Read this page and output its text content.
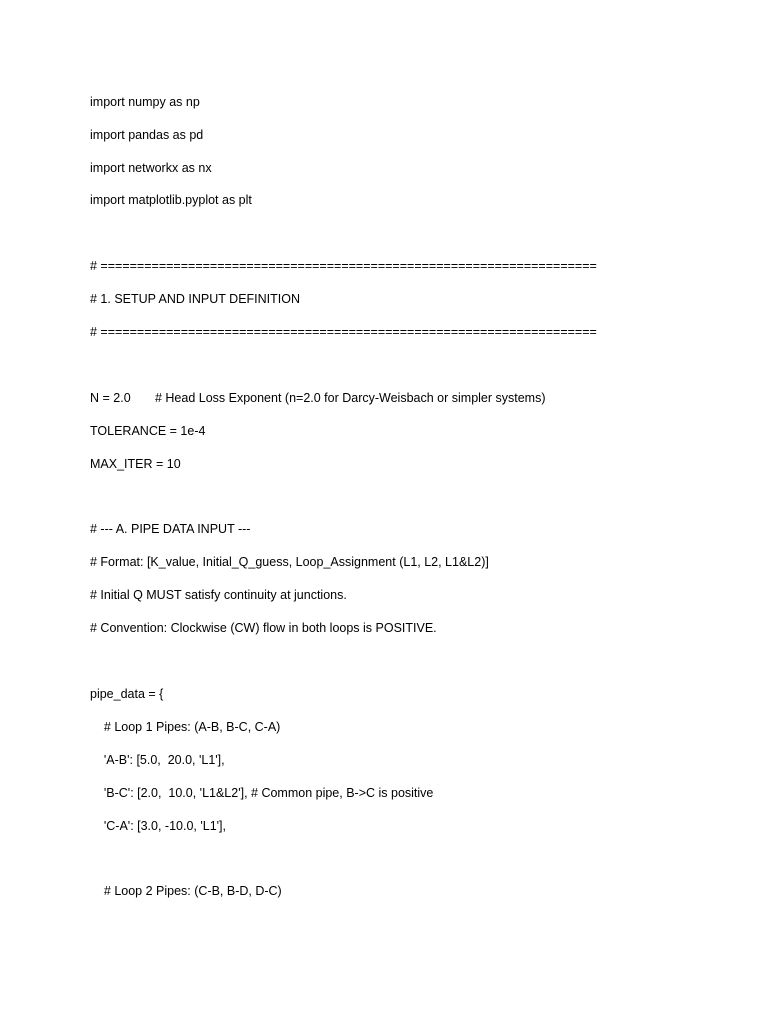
import numpy as np
import pandas as pd
import networkx as nx
import matplotlib.pyplot as plt
# ====================================================================
# 1. SETUP AND INPUT DEFINITION
# ====================================================================
N = 2.0       # Head Loss Exponent (n=2.0 for Darcy-Weisbach or simpler systems)
TOLERANCE = 1e-4
MAX_ITER = 10
# --- A. PIPE DATA INPUT ---
# Format: [K_value, Initial_Q_guess, Loop_Assignment (L1, L2, L1&L2)]
# Initial Q MUST satisfy continuity at junctions.
# Convention: Clockwise (CW) flow in both loops is POSITIVE.
pipe_data = {
# Loop 1 Pipes: (A-B, B-C, C-A)
'A-B': [5.0,  20.0, 'L1'],
'B-C': [2.0,  10.0, 'L1&L2'], # Common pipe, B->C is positive
'C-A': [3.0, -10.0, 'L1'],
# Loop 2 Pipes: (C-B, B-D, D-C)
